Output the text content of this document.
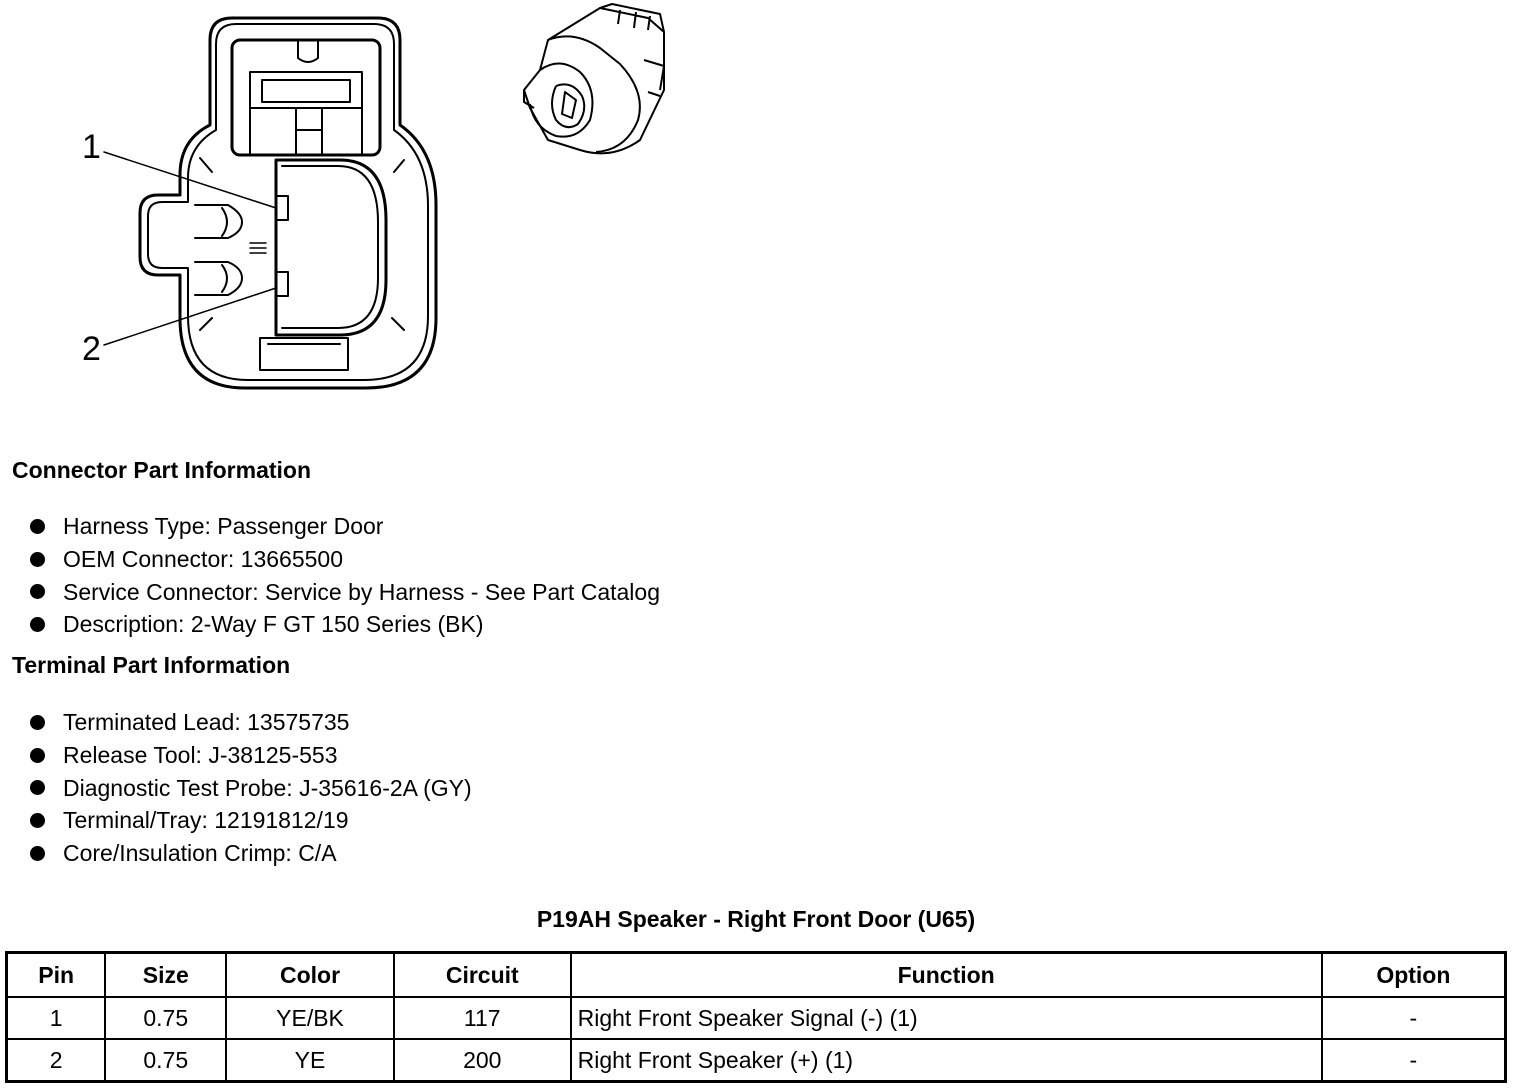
1
2
Connector Part Information
Harness Type: Passenger Door
OEM Connector: 13665500
Service Connector: Service by Harness - See Part Catalog
Description: 2-Way F GT 150 Series (BK)
Terminal Part Information
Terminated Lead: 13575735
Release Tool: J-38125-553
Diagnostic Test Probe: J-35616-2A (GY)
Terminal/Tray: 12191812/19
Core/Insulation Crimp: C/A
P19AH Speaker - Right Front Door (U65)
Pin	Size	Color	Circuit	Function	Option
1	0.75	YE/BK	117	Right Front Speaker Signal (-) (1)	-
2	0.75	YE	200	Right Front Speaker (+) (1)	-
